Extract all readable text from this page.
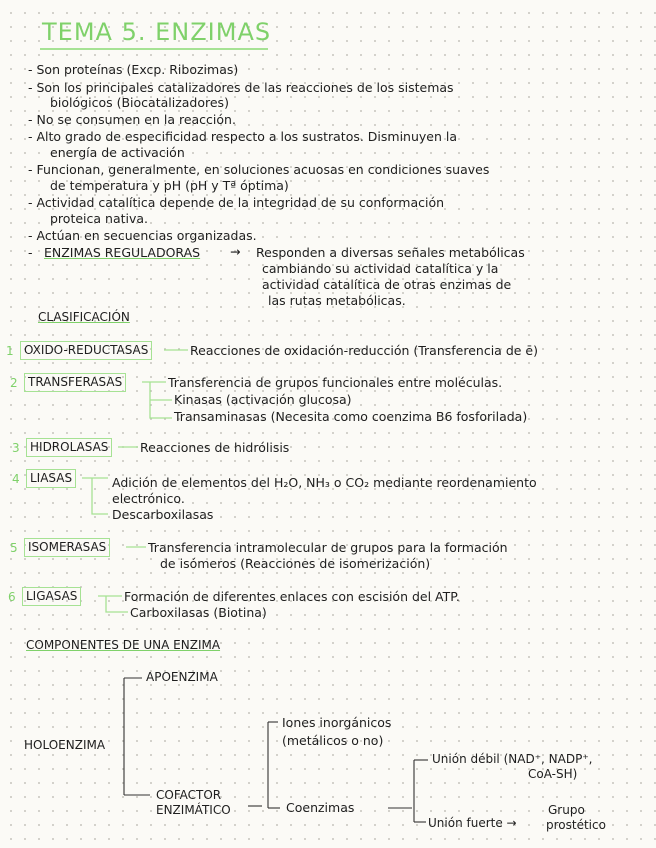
TEMA 5. ENZIMAS
- Son proteínas (Excp. Ribozimas)
- Son los principales catalizadores de las reacciones de los sistemas
biológicos (Biocatalizadores)
- No se consumen en la reacción.
- Alto grado de especificidad respecto a los sustratos. Disminuyen la
energía de activación
- Funcionan, generalmente, en soluciones acuosas en condiciones suaves
de temperatura y pH (pH y Tª óptima)
- Actividad catalítica depende de la integridad de su conformación
proteica nativa.
- Actúan en secuencias organizadas.
- ENZIMAS REGULADORAS → Responden a diversas señales metabólicas
cambiando su actividad catalítica y la
actividad catalítica de otras enzimas de
las rutas metabólicas.
CLASIFICACIÓN
1 OXIDO-REDUCTASAS	Reacciones de oxidación-reducción (Transferencia de ē)
2 TRANSFERASAS	Transferencia de grupos funcionales entre moléculas.
Kinasas (activación glucosa)
Transaminasas (Necesita como coenzima B6 fosforilada)
3 HIDROLASAS	Reacciones de hidrólisis
4 LIASAS	Adición de elementos del H₂O, NH₃ o CO₂ mediante reordenamiento
electrónico.
Descarboxilasas
5 ISOMERASAS	Transferencia intramolecular de grupos para la formación
de isómeros (Reacciones de isomerización)
6 LIGASAS	Formación de diferentes enlaces con escisión del ATP.
Carboxilasas (Biotina)
COMPONENTES DE UNA ENZIMA
HOLOENZIMA
APOENZIMA
COFACTOR
ENZIMÁTICO
Iones inorgánicos
(metálicos o no)
Coenzimas
Unión débil (NAD⁺, NADP⁺,
CoA-SH)
Unión fuerte →
Grupo
prostético
